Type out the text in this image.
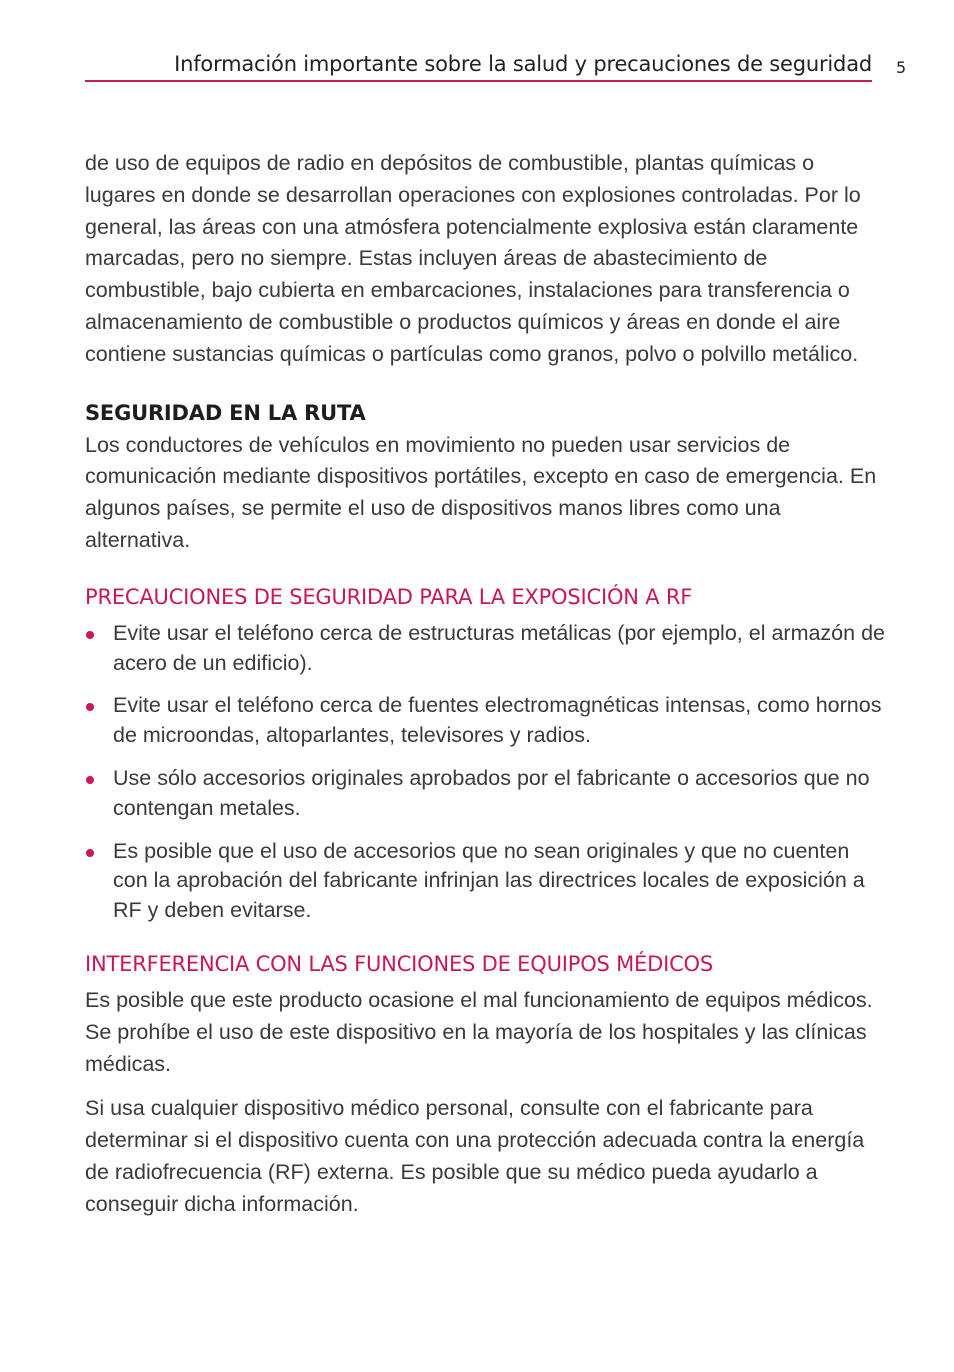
Información importante sobre la salud y precauciones de seguridad 5

de uso de equipos de radio en depósitos de combustible, plantas químicas o lugares en donde se desarrollan operaciones con explosiones controladas. Por lo general, las áreas con una atmósfera potencialmente explosiva están claramente marcadas, pero no siempre. Estas incluyen áreas de abastecimiento de combustible, bajo cubierta en embarcaciones, instalaciones para transferencia o almacenamiento de combustible o productos químicos y áreas en donde el aire contiene sustancias químicas o partículas como granos, polvo o polvillo metálico.

SEGURIDAD EN LA RUTA

Los conductores de vehículos en movimiento no pueden usar servicios de comunicación mediante dispositivos portátiles, excepto en caso de emergencia. En algunos países, se permite el uso de dispositivos manos libres como una alternativa.

PRECAUCIONES DE SEGURIDAD PARA LA EXPOSICIÓN A RF
Evite usar el teléfono cerca de estructuras metálicas (por ejemplo, el armazón de acero de un edificio).
Evite usar el teléfono cerca de fuentes electromagnéticas intensas, como hornos de microondas, altoparlantes, televisores y radios.
Use sólo accesorios originales aprobados por el fabricante o accesorios que no contengan metales.
Es posible que el uso de accesorios que no sean originales y que no cuenten con la aprobación del fabricante infrinjan las directrices locales de exposición a RF y deben evitarse.
INTERFERENCIA CON LAS FUNCIONES DE EQUIPOS MÉDICOS

Es posible que este producto ocasione el mal funcionamiento de equipos médicos. Se prohíbe el uso de este dispositivo en la mayoría de los hospitales y las clínicas médicas.

Si usa cualquier dispositivo médico personal, consulte con el fabricante para determinar si el dispositivo cuenta con una protección adecuada contra la energía de radiofrecuencia (RF) externa. Es posible que su médico pueda ayudarlo a conseguir dicha información.
